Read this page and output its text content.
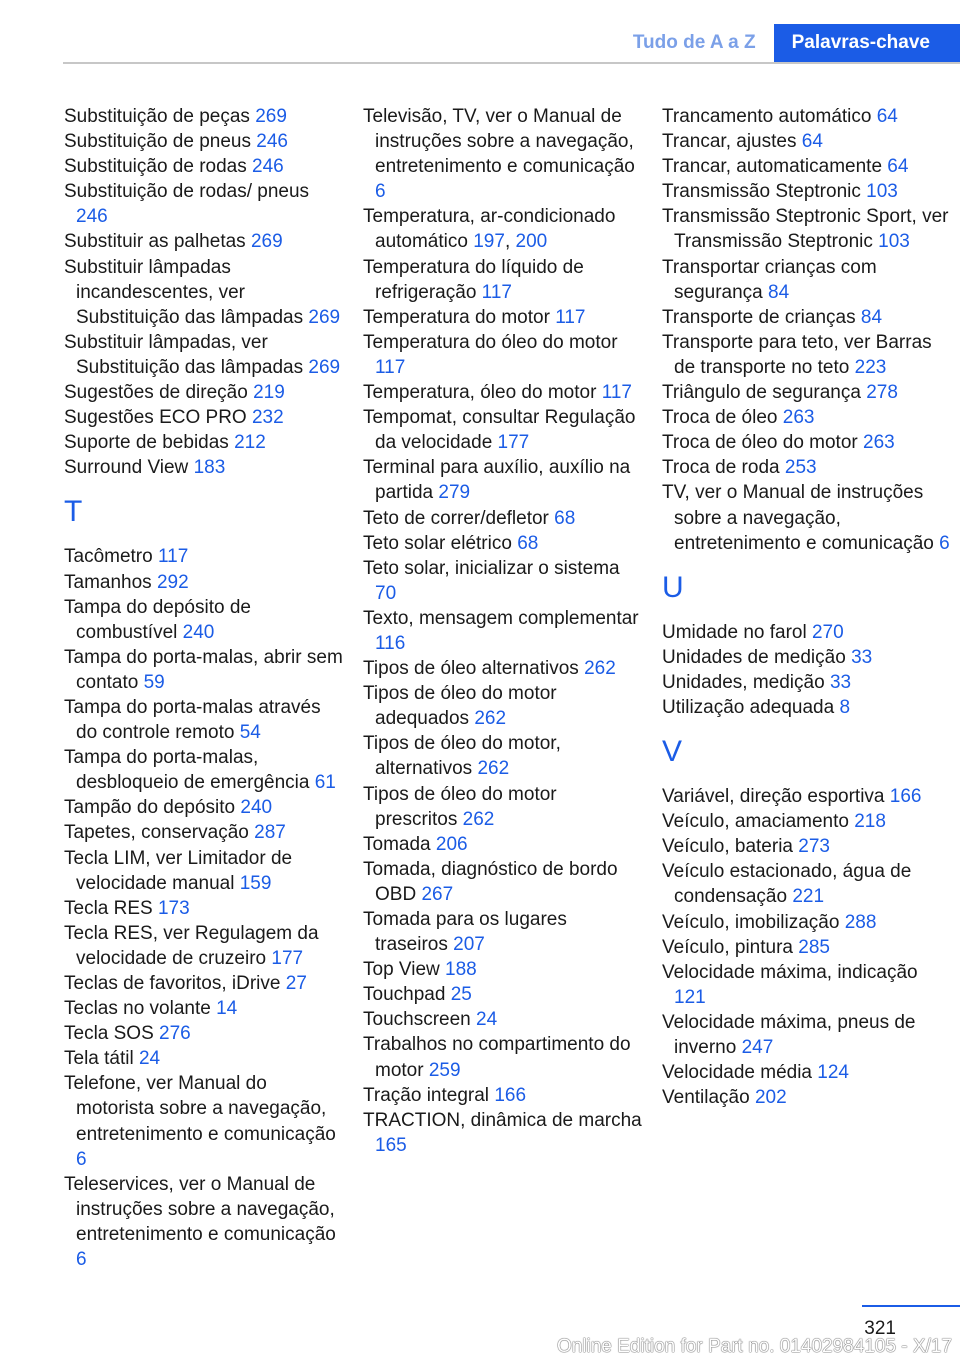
Tudo de A a Z	Palavras-chave
Substituição de peças 269
Substituição de pneus 246
Substituição de rodas 246
Substituição de rodas/ pneus 246
Substituir as palhetas 269
Substituir lâmpadas incandescentes, ver Substituição das lâmpadas 269
Substituir lâmpadas, ver Substituição das lâmpadas 269
Sugestões de direção 219
Sugestões ECO PRO 232
Suporte de bebidas 212
Surround View 183
T
Tacômetro 117
Tamanhos 292
Tampa do depósito de combustível 240
Tampa do porta-malas, abrir sem contato 59
Tampa do porta-malas através do controle remoto 54
Tampa do porta-malas, desbloqueio de emergência 61
Tampão do depósito 240
Tapetes, conservação 287
Tecla LIM, ver Limitador de velocidade manual 159
Tecla RES 173
Tecla RES, ver Regulagem da velocidade de cruzeiro 177
Teclas de favoritos, iDrive 27
Teclas no volante 14
Tecla SOS 276
Tela tátil 24
Telefone, ver Manual do motorista sobre a navegação, entretenimento e comunicação 6
Teleservices, ver o Manual de instruções sobre a navegação, entretenimento e comunicação 6
Televisão, TV, ver o Manual de instruções sobre a navegação, entretenimento e comunicação 6
Temperatura, ar-condicionado automático 197, 200
Temperatura do líquido de refrigeração 117
Temperatura do motor 117
Temperatura do óleo do motor 117
Temperatura, óleo do motor 117
Tempomat, consultar Regulação da velocidade 177
Terminal para auxílio, auxílio na partida 279
Teto de correr/defletor 68
Teto solar elétrico 68
Teto solar, inicializar o sistema 70
Texto, mensagem complementar 116
Tipos de óleo alternativos 262
Tipos de óleo do motor adequados 262
Tipos de óleo do motor, alternativos 262
Tipos de óleo do motor prescritos 262
Tomada 206
Tomada, diagnóstico de bordo OBD 267
Tomada para os lugares traseiros 207
Top View 188
Touchpad 25
Touchscreen 24
Trabalhos no compartimento do motor 259
Tração integral 166
TRACTION, dinâmica de marcha 165
Trancamento automático 64
Trancar, ajustes 64
Trancar, automaticamente 64
Transmissão Steptronic 103
Transmissão Steptronic Sport, ver Transmissão Steptronic 103
Transportar crianças com segurança 84
Transporte de crianças 84
Transporte para teto, ver Barras de transporte no teto 223
Triângulo de segurança 278
Troca de óleo 263
Troca de óleo do motor 263
Troca de roda 253
TV, ver o Manual de instruções sobre a navegação, entretenimento e comunicação 6
U
Umidade no farol 270
Unidades de medição 33
Unidades, medição 33
Utilização adequada 8
V
Variável, direção esportiva 166
Veículo, amaciamento 218
Veículo, bateria 273
Veículo estacionado, água de condensação 221
Veículo, imobilização 288
Veículo, pintura 285
Velocidade máxima, indicação 121
Velocidade máxima, pneus de inverno 247
Velocidade média 124
Ventilação 202
321
Online Edition for Part no. 01402984105 - X/17
